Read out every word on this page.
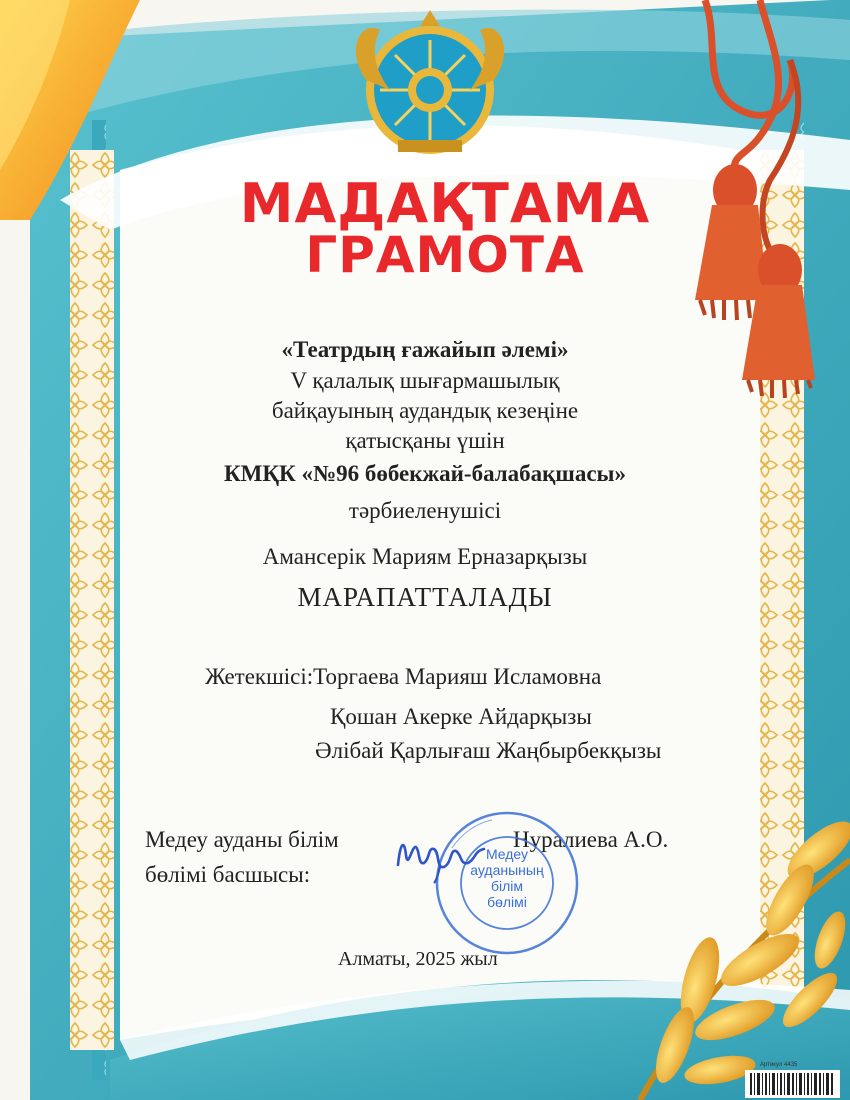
МАДАҚТАМА
ГРАМОТА
«Театрдың ғажайып әлемі»
V қалалық шығармашылық
байқауының аудандық кезеңіне
қатысқаны үшін
КМҚК «№96 бөбекжай-балабақшасы»
тәрбиеленушісі
Амансерік Мариям Ерназарқызы
МАРАПАТТАЛАДЫ
Жетекшісі:Торгаева Марияш Исламовна
Қошан Акерке Айдарқызы
Әлібай Қарлығаш Жаңбырбекқызы
Медеу ауданы білім
бөлімі басшысы:
Нуралиева А.О.
Медеу
ауданының
білім
бөлімі
Алматы, 2025 жыл
Артикул 4435
